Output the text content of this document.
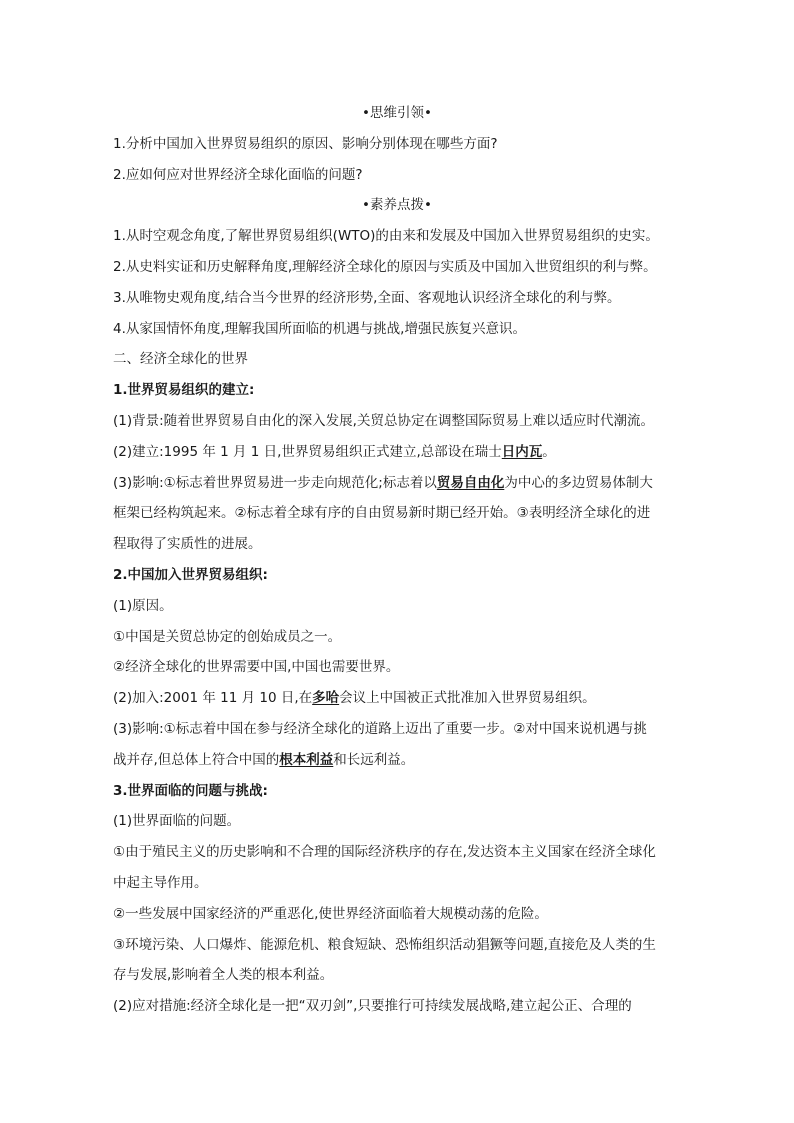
•思维引领•
1.分析中国加入世界贸易组织的原因、影响分别体现在哪些方面?
2.应如何应对世界经济全球化面临的问题?
•素养点拨•
1.从时空观念角度,了解世界贸易组织(WTO)的由来和发展及中国加入世界贸易组织的史实。
2.从史料实证和历史解释角度,理解经济全球化的原因与实质及中国加入世贸组织的利与弊。
3.从唯物史观角度,结合当今世界的经济形势,全面、客观地认识经济全球化的利与弊。
4.从家国情怀角度,理解我国所面临的机遇与挑战,增强民族复兴意识。
二、经济全球化的世界
1.世界贸易组织的建立:
(1)背景:随着世界贸易自由化的深入发展,关贸总协定在调整国际贸易上难以适应时代潮流。
(2)建立:1995 年 1 月 1 日,世界贸易组织正式建立,总部设在瑞士日内瓦。
(3)影响:①标志着世界贸易进一步走向规范化;标志着以贸易自由化为中心的多边贸易体制大
框架已经构筑起来。②标志着全球有序的自由贸易新时期已经开始。③表明经济全球化的进
程取得了实质性的进展。
2.中国加入世界贸易组织:
(1)原因。
①中国是关贸总协定的创始成员之一。
②经济全球化的世界需要中国,中国也需要世界。
(2)加入:2001 年 11 月 10 日,在多哈会议上中国被正式批准加入世界贸易组织。
(3)影响:①标志着中国在参与经济全球化的道路上迈出了重要一步。②对中国来说机遇与挑
战并存,但总体上符合中国的根本利益和长远利益。
3.世界面临的问题与挑战:
(1)世界面临的问题。
①由于殖民主义的历史影响和不合理的国际经济秩序的存在,发达资本主义国家在经济全球化
中起主导作用。
②一些发展中国家经济的严重恶化,使世界经济面临着大规模动荡的危险。
③环境污染、人口爆炸、能源危机、粮食短缺、恐怖组织活动猖獗等问题,直接危及人类的生
存与发展,影响着全人类的根本利益。
(2)应对措施:经济全球化是一把“双刃剑”,只要推行可持续发展战略,建立起公正、合理的
